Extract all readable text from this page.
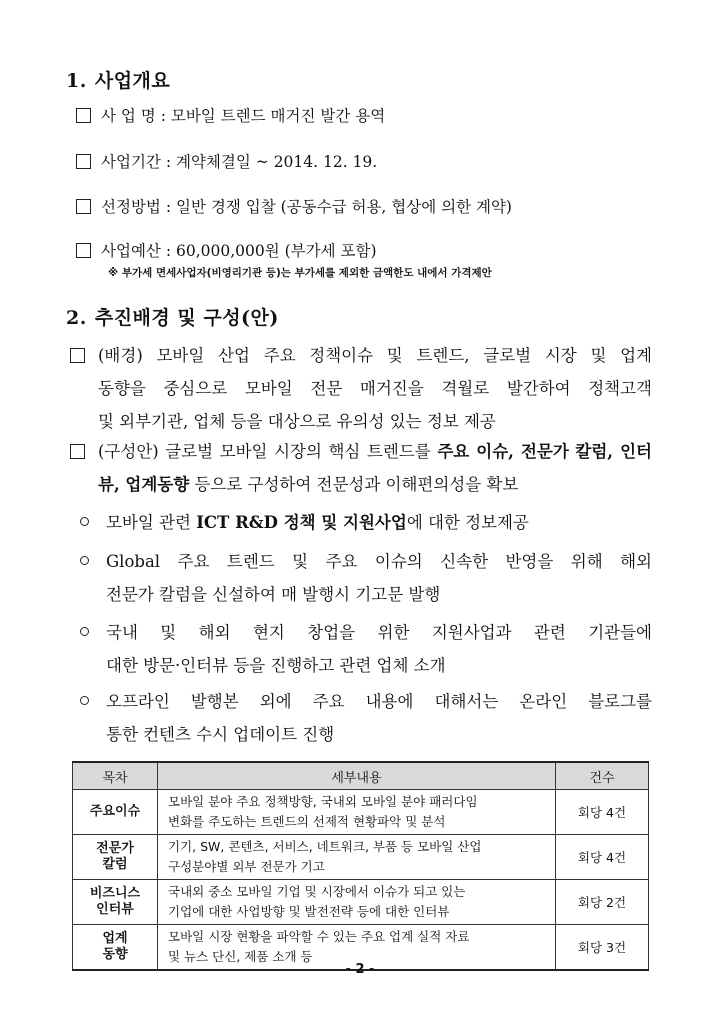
1. 사업개요
사 업 명 : 모바일 트렌드 매거진 발간 용역
사업기간 : 계약체결일 ~ 2014. 12. 19.
선정방법 : 일반 경쟁 입찰 (공동수급 허용, 협상에 의한 계약)
사업예산 : 60,000,000원 (부가세 포함)
※ 부가세 면세사업자(비영리기관 등)는 부가세를 제외한 금액한도 내에서 가격제안
2. 추진배경 및 구성(안)
(배경) 모바일 산업 주요 정책이슈 및 트렌드, 글로벌 시장 및 업계
동향을 중심으로 모바일 전문 매거진을 격월로 발간하여 정책고객
및 외부기관, 업체 등을 대상으로 유의성 있는 정보 제공
(구성안) 글로벌 모바일 시장의 핵심 트렌드를 주요 이슈, 전문가 칼럼, 인터뷰, 업계동향 등으로 구성하여 전문성과 이해편의성을 확보
모바일 관련 ICT R&D 정책 및 지원사업에 대한 정보제공
Global 주요 트렌드 및 주요 이슈의 신속한 반영을 위해 해외
전문가 칼럼을 신설하여 매 발행시 기고문 발행
국내 및 해외 현지 창업을 위한 지원사업과 관련 기관들에
대한 방문·인터뷰 등을 진행하고 관련 업체 소개
오프라인 발행본 외에 주요 내용에 대해서는 온라인 블로그를
통한 컨텐츠 수시 업데이트 진행
목차	세부내용	건수
주요이슈	모바일 분야 주요 정책방향, 국내외 모바일 분야 패러다임
변화를 주도하는 트렌드의 선제적 현황파악 및 분석	회당 4건
전문가
칼럼	기기, SW, 콘텐츠, 서비스, 네트워크, 부품 등 모바일 산업
구성분야별 외부 전문가 기고	회당 4건
비즈니스
인터뷰	국내외 중소 모바일 기업 및 시장에서 이슈가 되고 있는
기업에 대한 사업방향 및 발전전략 등에 대한 인터뷰	회당 2건
업계
동향	모바일 시장 현황을 파악할 수 있는 주요 업계 실적 자료
및 뉴스 단신, 제품 소개 등	회당 3건
- 2 -
